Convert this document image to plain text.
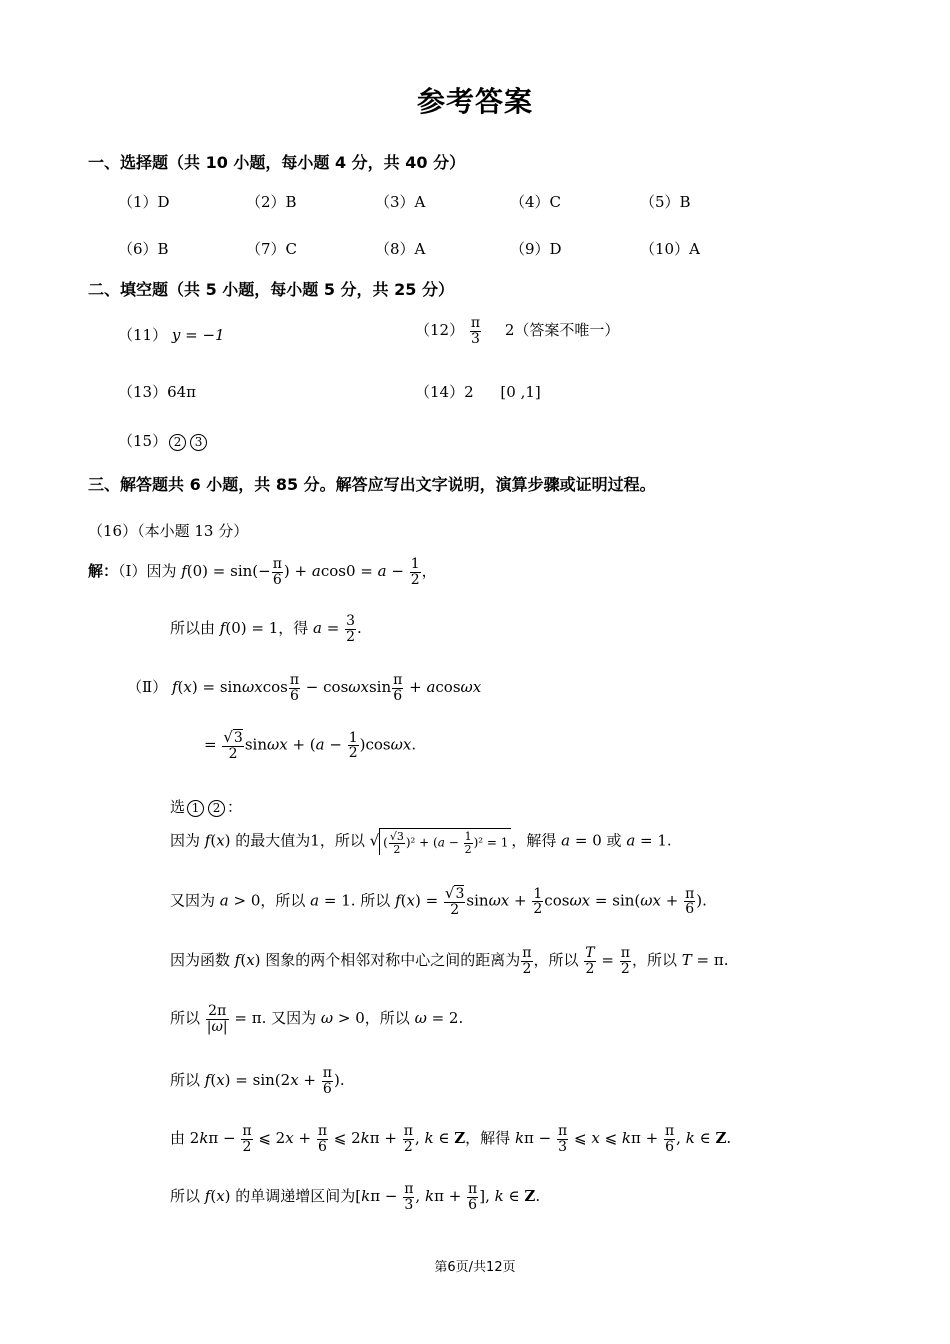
参考答案
一、选择题（共 10 小题，每小题 4 分，共 40 分）
（1）D	（2）B	（3）A	（4）C	（5）B
（6）B	（7）C	（8）A	（9）D	（10）A
二、填空题（共 5 小题，每小题 5 分，共 25 分）
（11） y = −1	$(12) \frac{\pi}{3} 2$（答案不唯一）
（13）64π	（14）2 [0 ,1]
（15） 2 3
三、解答题共 6 小题，共 85 分。解答应写出文字说明，演算步骤或证明过程。
（16）（本小题 13 分）
解：（Ⅰ）因为 $f(0) = \sin(- \frac{\pi}{6}$ ) + $acos0 = a - \frac{1}{2}$ ，
所以由 f(0) = 1，得 $a = \frac{3}{2}$ .
（Ⅱ） f(x) = sinωxcos $\frac{\pi}{6} - \cos\omega xsin \frac{\pi}{6} + acos\omega x$
= $\frac{√3}{2}$ $\sin\omega x + (a - \frac{1}{2} )\cos\omega x$.
选 1 2 ：
因为 f(x) 的最大值为1，所以 √ ( $\frac{√3}{2} )^2 + (a - \frac{1}{2} )^2 = 1$ ，解得 a = 0 或 a = 1.
又因为 a > 0，所以 a = 1. 所以 $f(x) = \frac{√3}{2}$ $\sin\omega x + \frac{1}{2}$ $\cos\omega x = \sin(\omega x + \frac{\pi}{6}$ ).
因为函数 f(x) 图象的两个相邻对称中心之间的距离为 $\frac{\pi}{2}$ ，所以 $\frac{T}{2} = \frac{\pi}{2}$ ，所以 T = π.
所以 $\frac{2\pi}{|\omega|} = \pi$. 又因为 ω > 0，所以 ω = 2.
所以 $f(x) = \sin(2x + \frac{\pi}{6}$ ).
由 $2k\pi - \frac{\pi}{2}$ ⩽ $2x + \frac{\pi}{6}$ ⩽ $2k\pi + \frac{\pi}{2}$ , k ∈ Z，解得 $k\pi - \frac{\pi}{3}$ ⩽ x ⩽ $k\pi + \frac{\pi}{6}$ , k ∈ Z.
所以 f(x) 的单调递增区间为[$k\pi - \frac{\pi}{3}$ , $k\pi + \frac{\pi}{6}$ ], k ∈ Z.
第6页/共12页
